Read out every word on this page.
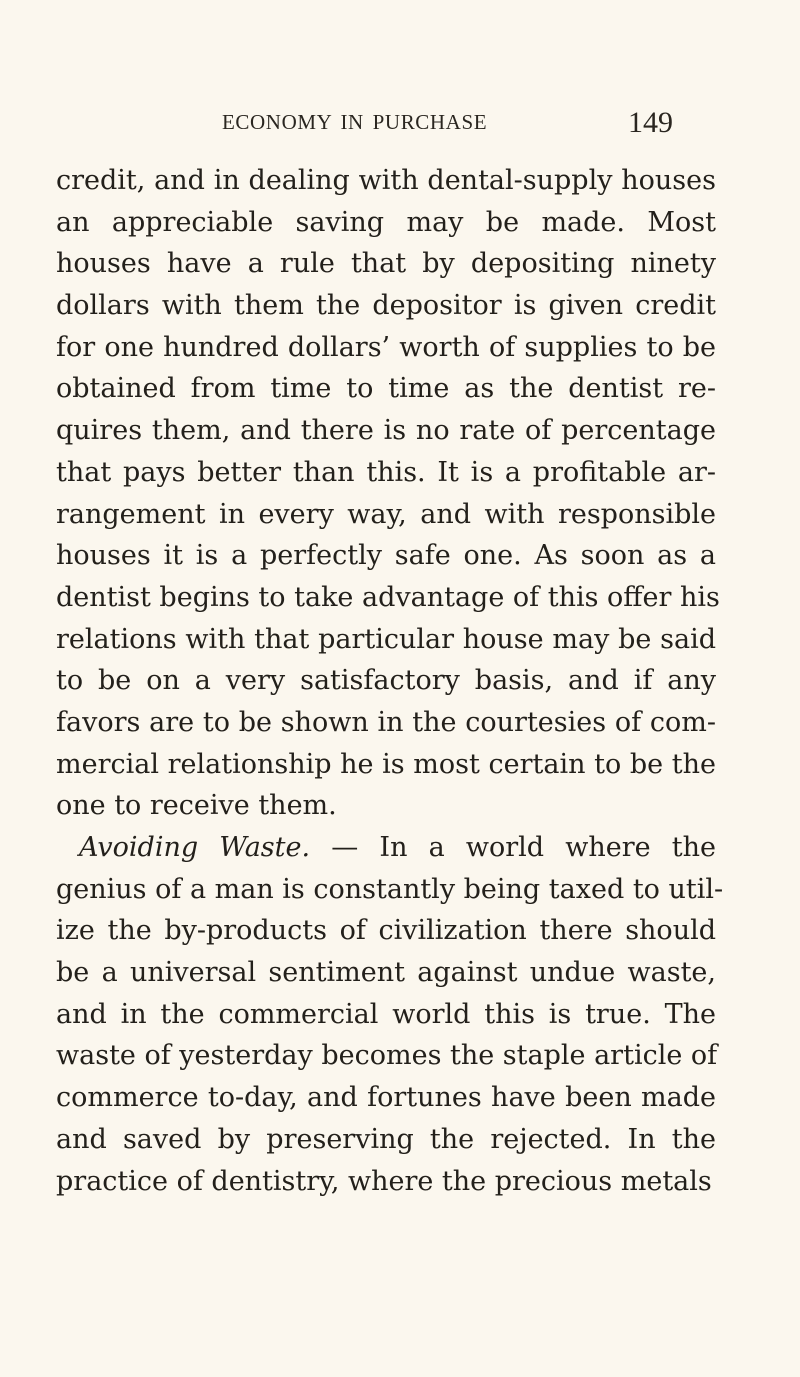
ECONOMY IN PURCHASE	149
credit, and in dealing with dental-supply houses
an appreciable saving may be made. Most
houses have a rule that by depositing ninety
dollars with them the depositor is given credit
for one hundred dollars’ worth of supplies to be
obtained from time to time as the dentist re-
quires them, and there is no rate of percentage
that pays better than this. It is a profitable ar-
rangement in every way, and with responsible
houses it is a perfectly safe one. As soon as a
dentist begins to take advantage of this offer his
relations with that particular house may be said
to be on a very satisfactory basis, and if any
favors are to be shown in the courtesies of com-
mercial relationship he is most certain to be the
one to receive them.
Avoiding Waste. — In a world where the
genius of a man is constantly being taxed to util-
ize the by-products of civilization there should
be a universal sentiment against undue waste,
and in the commercial world this is true. The
waste of yesterday becomes the staple article of
commerce to-day, and fortunes have been made
and saved by preserving the rejected. In the
practice of dentistry, where the precious metals
